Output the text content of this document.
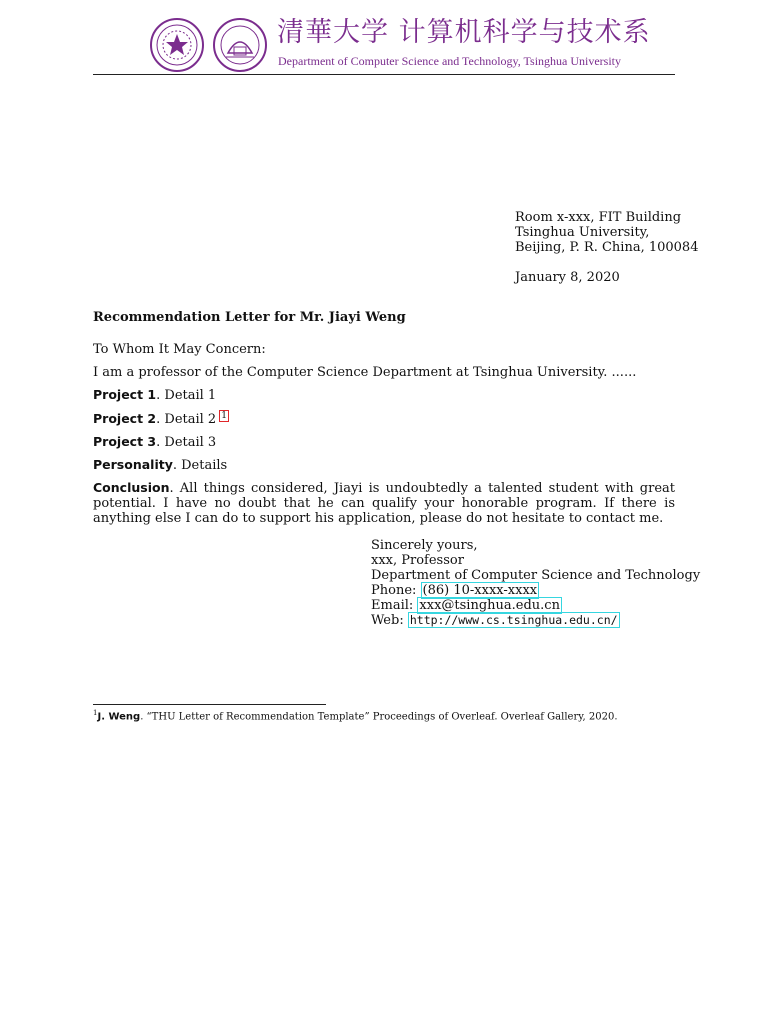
清華大学 计算机科学与技术系
Department of Computer Science and Technology, Tsinghua University
Room x-xxx, FIT Building
Tsinghua University,
Beijing, P. R. China, 100084
January 8, 2020
Recommendation Letter for Mr. Jiayi Weng
To Whom It May Concern:
I am a professor of the Computer Science Department at Tsinghua University. ......
Project 1. Detail 1
Project 2. Detail 2 1
Project 3. Detail 3
Personality. Details
Conclusion. All things considered, Jiayi is undoubtedly a talented student with great potential. I have no doubt that he can qualify your honorable program. If there is anything else I can do to support his application, please do not hesitate to contact me.
Sincerely yours,
xxx, Professor
Department of Computer Science and Technology
Phone: (86) 10-xxxx-xxxx
Email: xxx@tsinghua.edu.cn
Web: http://www.cs.tsinghua.edu.cn/
$^1$J. Weng. “THU Letter of Recommendation Template” Proceedings of Overleaf. Overleaf Gallery, 2020.
